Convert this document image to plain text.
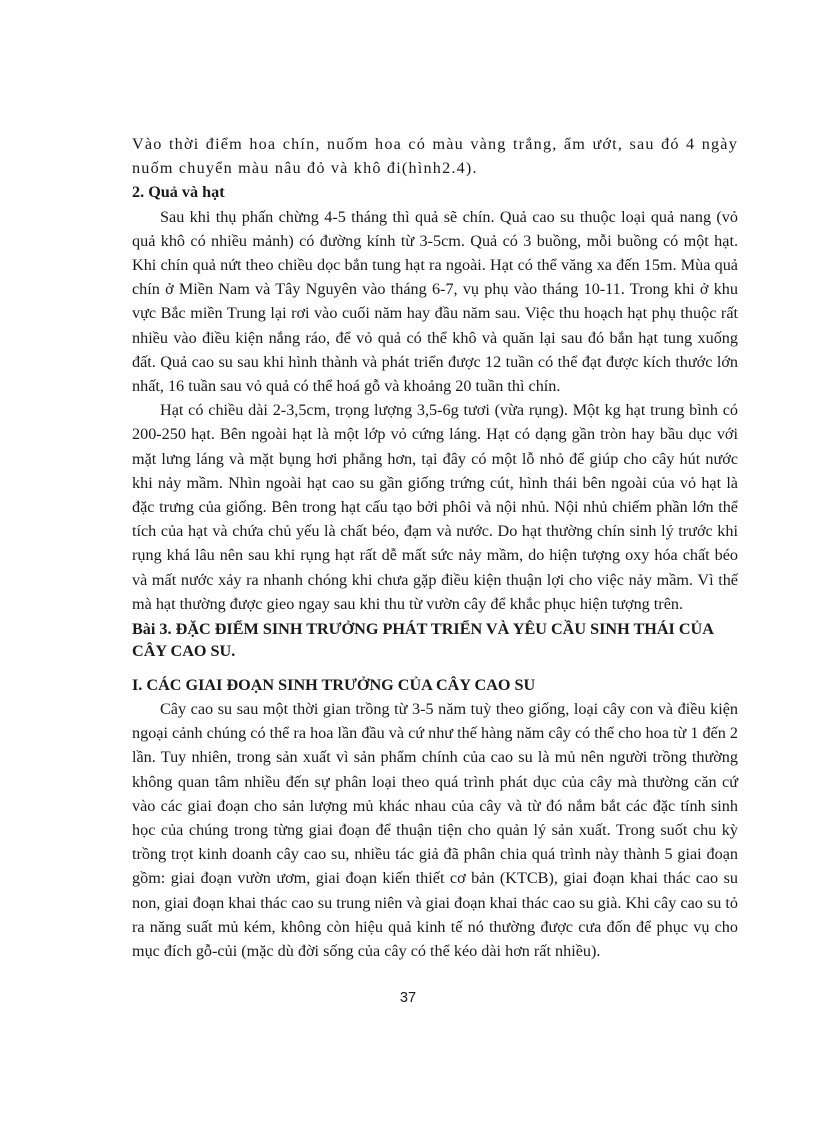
Vào thời điểm hoa chín, nuốm hoa có màu vàng trắng, ẩm ướt, sau đó 4 ngày nuốm chuyển màu nâu đỏ và khô đi(hình2.4).

2. Quả và hạt

Sau khi thụ phấn chừng 4-5 tháng thì quả sẽ chín. Quả cao su thuộc loại quả nang (vỏ quả khô có nhiều mảnh) có đường kính từ 3-5cm. Quả có 3 buồng, mỗi buồng có một hạt. Khi chín quả nứt theo chiều dọc bắn tung hạt ra ngoài. Hạt có thể văng xa đến 15m. Mùa quả chín ở Miền Nam và Tây Nguyên vào tháng 6-7, vụ phụ vào tháng 10-11. Trong khi ở khu vực Bắc miền Trung lại rơi vào cuối năm hay đầu năm sau. Việc thu hoạch hạt phụ thuộc rất nhiều vào điều kiện nắng ráo, để vỏ quả có thể khô và quăn lại sau đó bắn hạt tung xuống đất. Quả cao su sau khi hình thành và phát triển được 12 tuần có thể đạt được kích thước lớn nhất, 16 tuần sau vỏ quả có thể hoá gỗ và khoảng 20 tuần thì chín.

Hạt có chiều dài 2-3,5cm, trọng lượng 3,5-6g tươi (vừa rụng). Một kg hạt trung bình có 200-250 hạt. Bên ngoài hạt là một lớp vỏ cứng láng. Hạt có dạng gần tròn hay bầu dục với mặt lưng láng và mặt bụng hơi phẳng hơn, tại đây có một lỗ nhỏ để giúp cho cây hút nước khi nảy mầm. Nhìn ngoài hạt cao su gần giống trứng cút, hình thái bên ngoài của vỏ hạt là đặc trưng của giống. Bên trong hạt cấu tạo bởi phôi và nội nhủ. Nội nhủ chiếm phần lớn thể tích của hạt và chứa chủ yếu là chất béo, đạm và nước. Do hạt thường chín sinh lý trước khi rụng khá lâu nên sau khi rụng hạt rất dễ mất sức nảy mầm, do hiện tượng oxy hóa chất béo và mất nước xảy ra nhanh chóng khi chưa gặp điều kiện thuận lợi cho việc nảy mầm. Vì thế mà hạt thường được gieo ngay sau khi thu từ vườn cây để khắc phục hiện tượng trên.

Bài 3. ĐẶC ĐIỂM SINH TRƯỞNG PHÁT TRIỂN VÀ YÊU CẦU SINH THÁI CỦA CÂY CAO SU.
I. CÁC GIAI ĐOẠN SINH TRƯỞNG CỦA CÂY CAO SU

Cây cao su sau một thời gian trồng từ 3-5 năm tuỳ theo giống, loại cây con và điều kiện ngoại cảnh chúng có thể ra hoa lần đầu và cứ như thế hàng năm cây có thể cho hoa từ 1 đến 2 lần. Tuy nhiên, trong sản xuất vì sản phẩm chính của cao su là mủ nên người trồng thường không quan tâm nhiều đến sự phân loại theo quá trình phát dục của cây mà thường căn cứ vào các giai đoạn cho sản lượng mủ khác nhau của cây và từ đó nắm bắt các đặc tính sinh học của chúng trong từng giai đoạn để thuận tiện cho quản lý sản xuất. Trong suốt chu kỳ trồng trọt kinh doanh cây cao su, nhiều tác giả đã phân chia quá trình này thành 5 giai đoạn gồm: giai đoạn vườn ươm, giai đoạn kiến thiết cơ bản (KTCB), giai đoạn khai thác cao su non, giai đoạn khai thác cao su trung niên và giai đoạn khai thác cao su già. Khi cây cao su tỏ ra năng suất mủ kém, không còn hiệu quả kinh tế nó thường được cưa đốn để phục vụ cho mục đích gỗ-củi (mặc dù đời sống của cây có thể kéo dài hơn rất nhiều).

37
